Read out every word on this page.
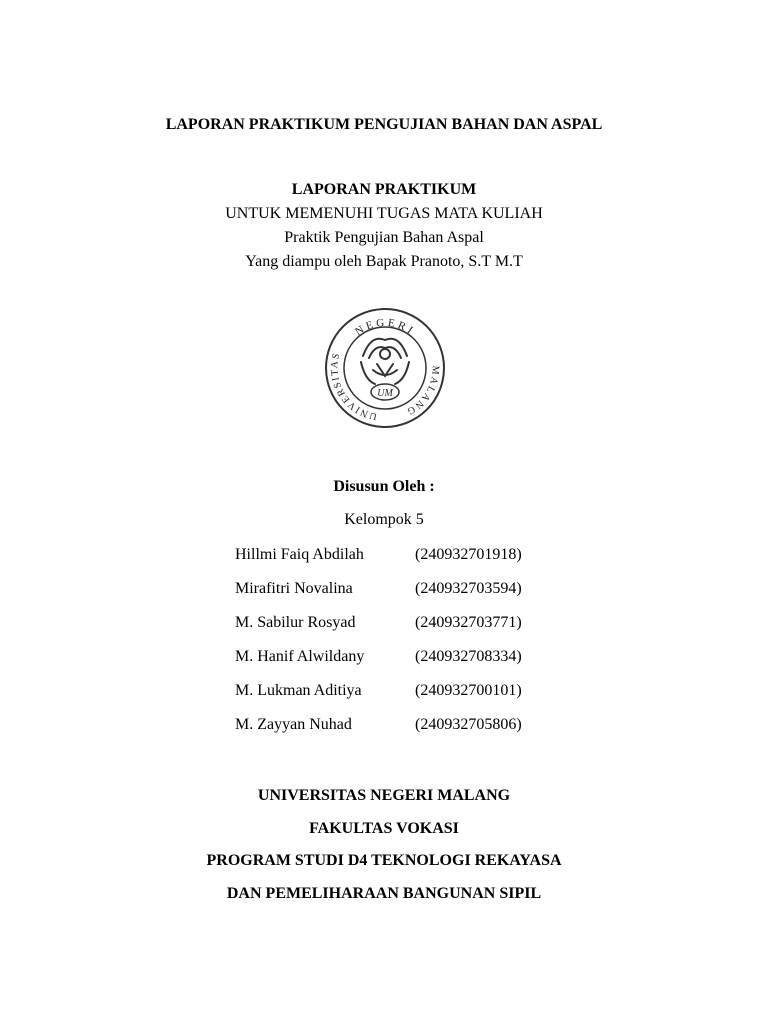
LAPORAN PRAKTIKUM PENGUJIAN BAHAN DAN ASPAL
LAPORAN PRAKTIKUM
UNTUK MEMENUHI TUGAS MATA KULIAH
Praktik Pengujian Bahan Aspal
Yang diampu oleh Bapak Pranoto, S.T M.T
NEGERI
UNIVERSITAS
MALANG
UM
Disusun Oleh :
Kelompok 5
Hillmi Faiq Abdilah	(240932701918)
Mirafitri Novalina	(240932703594)
M. Sabilur Rosyad	(240932703771)
M. Hanif Alwildany	(240932708334)
M. Lukman Aditiya	(240932700101)
M. Zayyan Nuhad	(240932705806)
UNIVERSITAS NEGERI MALANG
FAKULTAS VOKASI
PROGRAM STUDI D4 TEKNOLOGI REKAYASA
DAN PEMELIHARAAN BANGUNAN SIPIL
